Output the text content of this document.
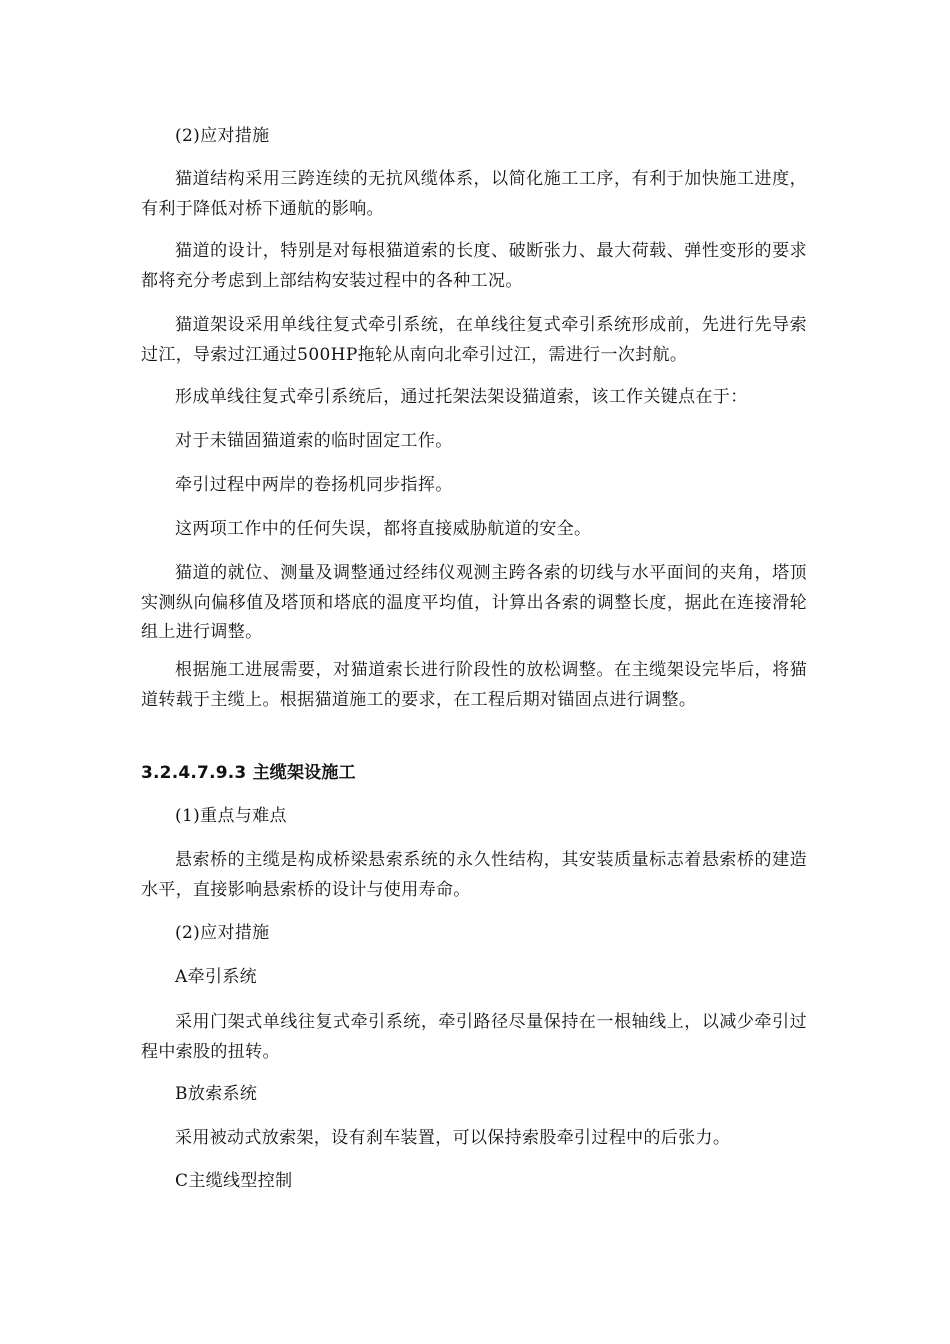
(2)应对措施

猫道结构采用三跨连续的无抗风缆体系，以简化施工工序，有利于加快施工进度，有利于降低对桥下通航的影响。

猫道的设计，特别是对每根猫道索的长度、破断张力、最大荷载、弹性变形的要求都将充分考虑到上部结构安装过程中的各种工况。

猫道架设采用单线往复式牵引系统，在单线往复式牵引系统形成前，先进行先导索过江，导索过江通过500HP拖轮从南向北牵引过江，需进行一次封航。

形成单线往复式牵引系统后，通过托架法架设猫道索，该工作关键点在于：

对于未锚固猫道索的临时固定工作。

牵引过程中两岸的卷扬机同步指挥。

这两项工作中的任何失误，都将直接威胁航道的安全。

猫道的就位、测量及调整通过经纬仪观测主跨各索的切线与水平面间的夹角，塔顶实测纵向偏移值及塔顶和塔底的温度平均值，计算出各索的调整长度，据此在连接滑轮组上进行调整。

根据施工进展需要，对猫道索长进行阶段性的放松调整。在主缆架设完毕后，将猫道转载于主缆上。根据猫道施工的要求，在工程后期对锚固点进行调整。

3.2.4.7.9.3 主缆架设施工

(1)重点与难点

悬索桥的主缆是构成桥梁悬索系统的永久性结构，其安装质量标志着悬索桥的建造水平，直接影响悬索桥的设计与使用寿命。

(2)应对措施

A牵引系统

采用门架式单线往复式牵引系统，牵引路径尽量保持在一根轴线上，以减少牵引过程中索股的扭转。

B放索系统

采用被动式放索架，设有刹车装置，可以保持索股牵引过程中的后张力。

C主缆线型控制
